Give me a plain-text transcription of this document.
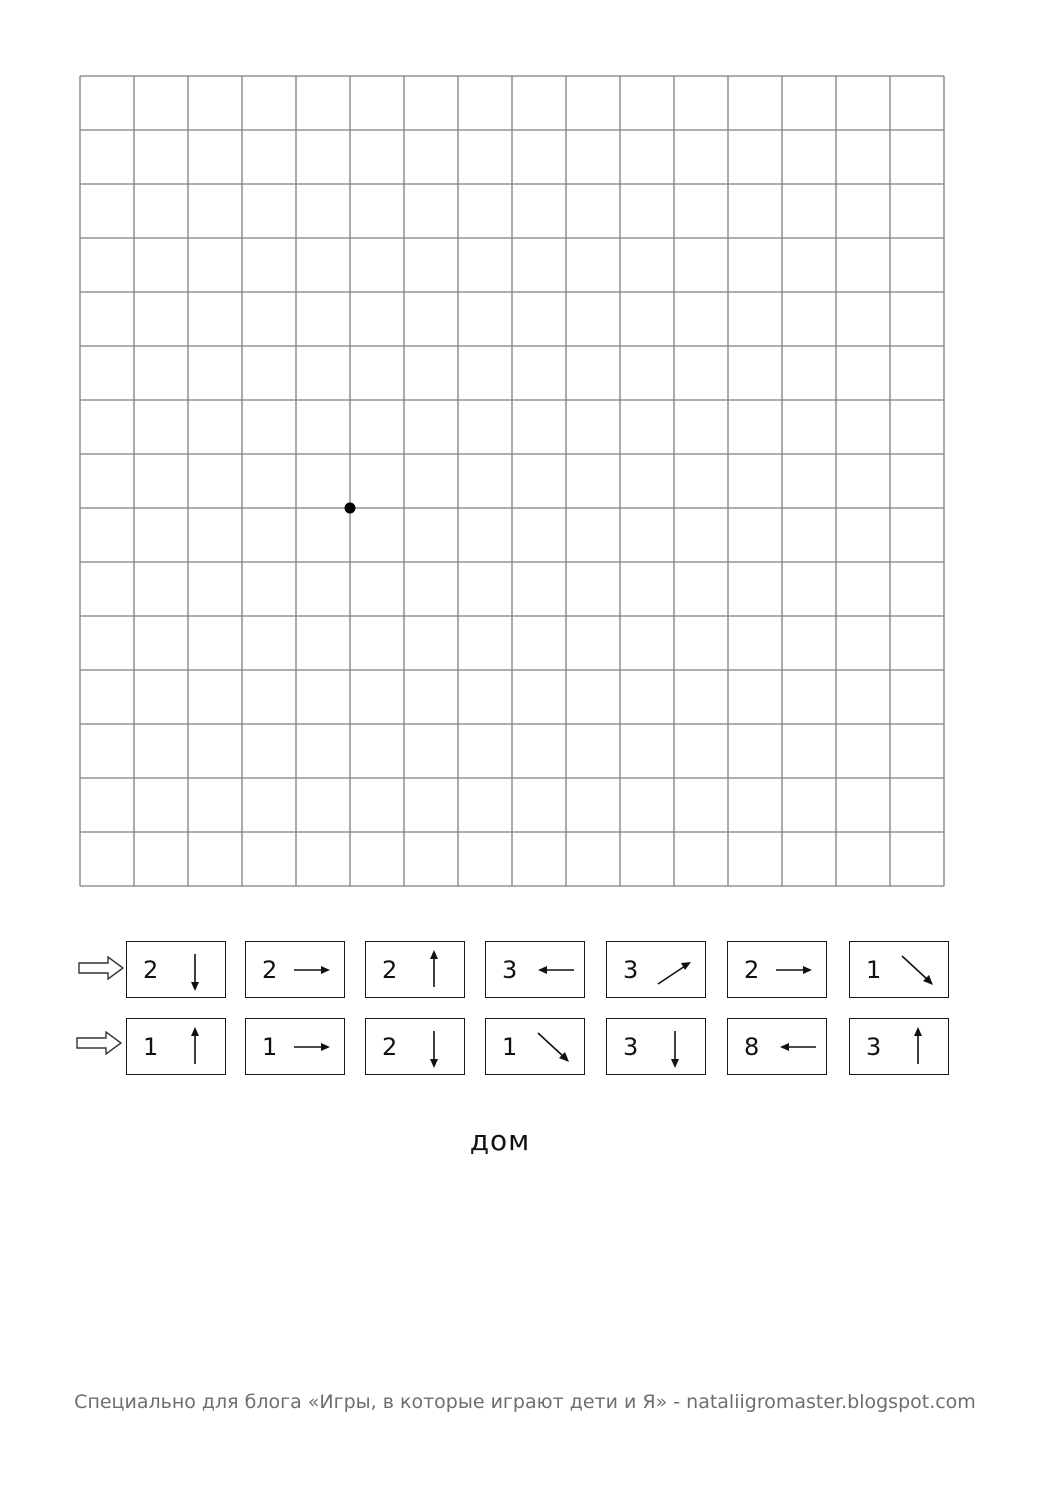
2	2	2	3	3	2	1
1	1	2	1	3	8	3
дом
Специально для блога «Игры, в которые играют дети и Я» - nataliigromaster.blogspot.com
